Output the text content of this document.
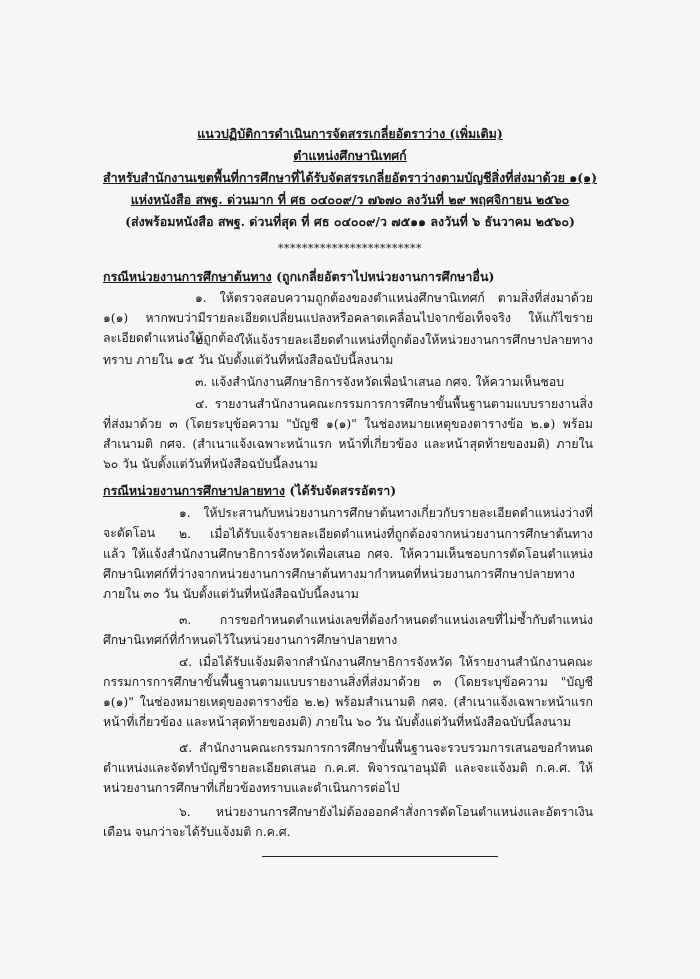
แนวปฏิบัติการดำเนินการจัดสรรเกลี่ยอัตราว่าง (เพิ่มเติม)
ตำแหน่งศึกษานิเทศก์
สำหรับสำนักงานเขตพื้นที่การศึกษาที่ได้รับจัดสรรเกลี่ยอัตราว่างตามบัญชีสิ่งที่ส่งมาด้วย ๑(๑)
แห่งหนังสือ สพฐ. ด่วนมาก ที่ ศธ ๐๔๐๐๙/ว ๗๖๗๐ ลงวันที่ ๒๙ พฤศจิกายน ๒๕๖๐
(ส่งพร้อมหนังสือ สพฐ. ด่วนที่สุด ที่ ศธ ๐๔๐๐๙/ว ๗๕๑๑ ลงวันที่ ๖ ธันวาคม ๒๕๖๐)
************************
กรณีหน่วยงานการศึกษาต้นทาง (ถูกเกลี่ยอัตราไปหน่วยงานการศึกษาอื่น)
๑. ให้ตรวจสอบความถูกต้องของตำแหน่งศึกษานิเทศก์ ตามสิ่งที่ส่งมาด้วย ๑(๑) หากพบว่ามีรายละเอียดเปลี่ยนแปลงหรือคลาดเคลื่อนไปจากข้อเท็จจริง ให้แก้ไขรายละเอียดตำแหน่งให้ถูกต้อง
๒. ให้แจ้งรายละเอียดตำแหน่งที่ถูกต้องให้หน่วยงานการศึกษาปลายทางทราบ ภายใน ๑๕ วัน นับตั้งแต่วันที่หนังสือฉบับนี้ลงนาม
๓. แจ้งสำนักงานศึกษาธิการจังหวัดเพื่อนำเสนอ กศจ. ให้ความเห็นชอบ
๔. รายงานสำนักงานคณะกรรมการการศึกษาขั้นพื้นฐานตามแบบรายงานสิ่งที่ส่งมาด้วย ๓ (โดยระบุข้อความ "บัญชี ๑(๑)" ในช่องหมายเหตุของตารางข้อ ๒.๑) พร้อมสำเนามติ กศจ. (สำเนาแจ้งเฉพาะหน้าแรก หน้าที่เกี่ยวข้อง และหน้าสุดท้ายของมติ) ภายใน ๖๐ วัน นับตั้งแต่วันที่หนังสือฉบับนี้ลงนาม
กรณีหน่วยงานการศึกษาปลายทาง (ได้รับจัดสรรอัตรา)
๑. ให้ประสานกับหน่วยงานการศึกษาต้นทางเกี่ยวกับรายละเอียดตำแหน่งว่างที่จะตัดโอน	๒. เมื่อได้รับแจ้งรายละเอียดตำแหน่งที่ถูกต้องจากหน่วยงานการศึกษาต้นทางแล้ว ให้แจ้งสำนักงานศึกษาธิการจังหวัดเพื่อเสนอ กศจ. ให้ความเห็นชอบการตัดโอนตำแหน่งศึกษานิเทศก์ที่ว่างจากหน่วยงานการศึกษาต้นทางมากำหนดที่หน่วยงานการศึกษาปลายทาง ภายใน ๓๐ วัน นับตั้งแต่วันที่หนังสือฉบับนี้ลงนาม
๓. การขอกำหนดตำแหน่งเลขที่ต้องกำหนดตำแหน่งเลขที่ไม่ซ้ำกับตำแหน่งศึกษานิเทศก์ที่กำหนดไว้ในหน่วยงานการศึกษาปลายทาง
๔. เมื่อได้รับแจ้งมติจากสำนักงานศึกษาธิการจังหวัด ให้รายงานสำนักงานคณะกรรมการการศึกษาขั้นพื้นฐานตามแบบรายงานสิ่งที่ส่งมาด้วย ๓ (โดยระบุข้อความ "บัญชี ๑(๑)" ในช่องหมายเหตุของตารางข้อ ๒.๒) พร้อมสำเนามติ กศจ. (สำเนาแจ้งเฉพาะหน้าแรก หน้าที่เกี่ยวข้อง และหน้าสุดท้ายของมติ) ภายใน ๖๐ วัน นับตั้งแต่วันที่หนังสือฉบับนี้ลงนาม
๕. สำนักงานคณะกรรมการการศึกษาขั้นพื้นฐานจะรวบรวมการเสนอขอกำหนดตำแหน่งและจัดทำบัญชีรายละเอียดเสนอ ก.ค.ศ. พิจารณาอนุมัติ และจะแจ้งมติ ก.ค.ศ. ให้หน่วยงานการศึกษาที่เกี่ยวข้องทราบและดำเนินการต่อไป
๖. หน่วยงานการศึกษายังไม่ต้องออกคำสั่งการตัดโอนตำแหน่งและอัตราเงินเดือน จนกว่าจะได้รับแจ้งมติ ก.ค.ศ.
